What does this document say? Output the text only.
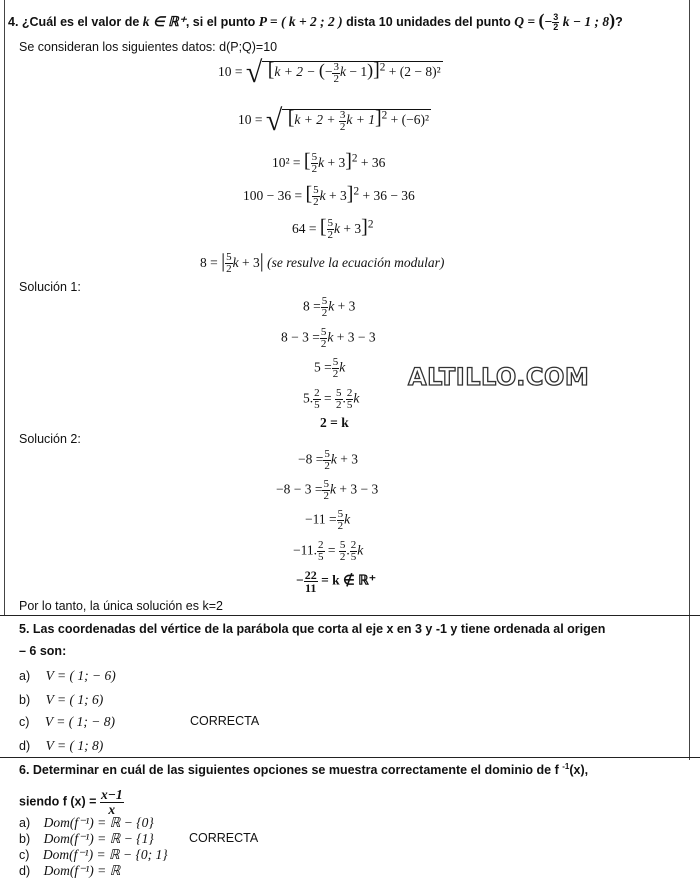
4. ¿Cuál es el valor de k ∈ ℝ⁺, si el punto P = ( k + 2 ; 2 ) dista 10 unidades del punto Q = (− $\frac{3}{2}$ k − 1 ; 8)?
Se consideran los siguientes datos: d(P;Q)=10
10 = √ [k + 2 − (− $\frac{3}{2}$ k − 1)]$^2$ + (2 − 8)²
10 = √ [$k + 2 + \frac{3}{2}$ $k + 1]^2 + (-6)^2$
10² = [ $\frac{5}{2}$ k + 3]$^2$ + 36
100 − 36 = [ $\frac{5}{2}$ k + 3]$^2$ + 36 − 36
64 = [ $\frac{5}{2}$ k + 3]$^2$
8 = | $\frac{5}{2}$ k + 3| (se resulve la ecuación modular)
Solución 1:
$8 = \frac{5}{2}$ k + 3
$8 - 3 = \frac{5}{2}$ k + 3 − 3
$5 = \frac{5}{2}$ k
5. $\frac{2}{5} = \frac{5}{2}$ . $\frac{2}{5}$ k
2 = k
ALTILLO.COM
Solución 2:
$-8 = \frac{5}{2}$ k + 3
$-8 - 3 = \frac{5}{2}$ k + 3 − 3
$-11 = \frac{5}{2}$ k
−11. $\frac{2}{5} = \frac{5}{2}$ . $\frac{2}{5}$ k
− $\frac{22}{11} = k$ ∉ ℝ⁺
Por lo tanto, la única solución es k=2
5. Las coordenadas del vértice de la parábola que corta al eje x en 3 y -1 y tiene ordenada al origen
– 6 son:
a) V = ( 1; − 6)
b) V = ( 1; 6)
c) V = ( 1; − 8)	CORRECTA
d) V = ( 1; 8)
6. Determinar en cuál de las siguientes opciones se muestra correctamente el dominio de f $^{-1}$(x),
siendo f $(x) = \frac{x-1}{x}$
a) Dom(f⁻¹) = ℝ − {0}
b) Dom(f⁻¹) = ℝ − {1}	CORRECTA
c) Dom(f⁻¹) = ℝ − {0; 1}
d) Dom(f⁻¹) = ℝ
